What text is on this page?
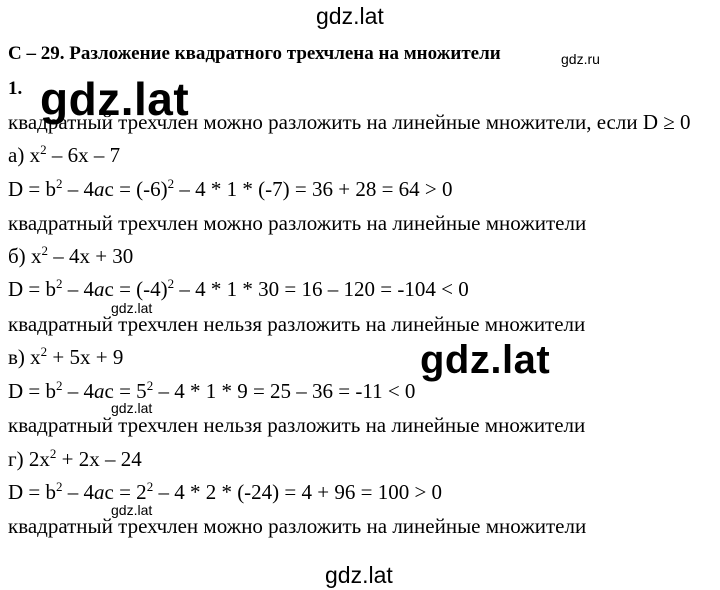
gdz.lat
gdz.ru
gdz.lat
C – 29. Разложение квадратного трехчлена на множители
1.
квадратный трехчлен можно разложить на линейные множители, если D ≥ 0
а) $x^2 - 6x - 7$
$D = b^2 - 4ac = (-6)^2 - 4 * 1 * (-7) = 36 + 28 = 64 > 0$
квадратный трехчлен можно разложить на линейные множители
б) $x^2 - 4x + 30$
$D = b^2 - 4ac = (-4)^2 - 4 * 1 * 30 = 16 - 120 = -104 < 0$
gdz.lat
квадратный трехчлен нельзя разложить на линейные множители
в) $x^2 + 5x + 9$
$D = b^2 - 4ac = 5^2 - 4 * 1 * 9 = 25 - 36 = -11 < 0$
gdz.lat
gdz.lat
квадратный трехчлен нельзя разложить на линейные множители
г) $2x^2 + 2x - 24$
$D = b^2 - 4ac = 2^2 - 4 * 2 * (-24) = 4 + 96 = 100 > 0$
gdz.lat
квадратный трехчлен можно разложить на линейные множители
gdz.lat
